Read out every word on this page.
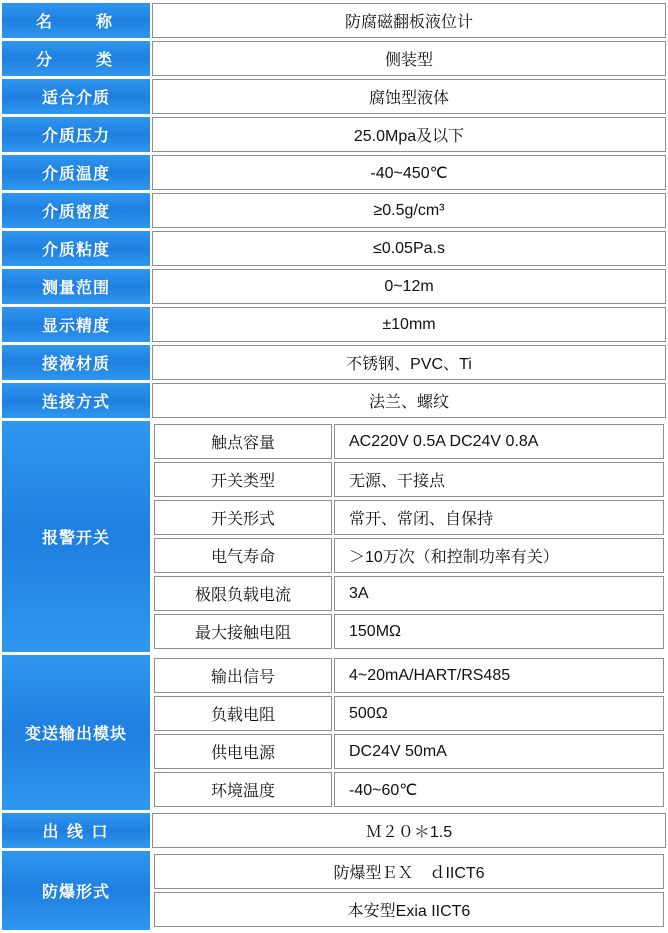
名　　称	防腐磁翻板液位计
分　　类	侧装型
适合介质	腐蚀型液体
介质压力	25.0Mpa及以下
介质温度	-40~450℃
介质密度	≥0.5g/cm³
介质粘度	≤0.05Pa.s
测量范围	0~12m
显示精度	±10mm
接液材质	不锈钢、PVC、Ti
连接方式	法兰、螺纹
报警开关	
触点容量	AC220V 0.5A DC24V 0.8A
开关类型	无源、干接点
开关形式	常开、常闭、自保持
电气寿命	＞10万次（和控制功率有关）
极限负载电流	3A
最大接触电阻	150MΩ

变送输出模块	
输出信号	4~20mA/HART/RS485
负载电阻	500Ω
供电电源	DC24V 50mA
环境温度	-40~60℃

出 线 口	Ｍ２０＊1.5
防爆形式	
防爆型ＥＸ　ｄIICT6
本安型Exia IICT6
